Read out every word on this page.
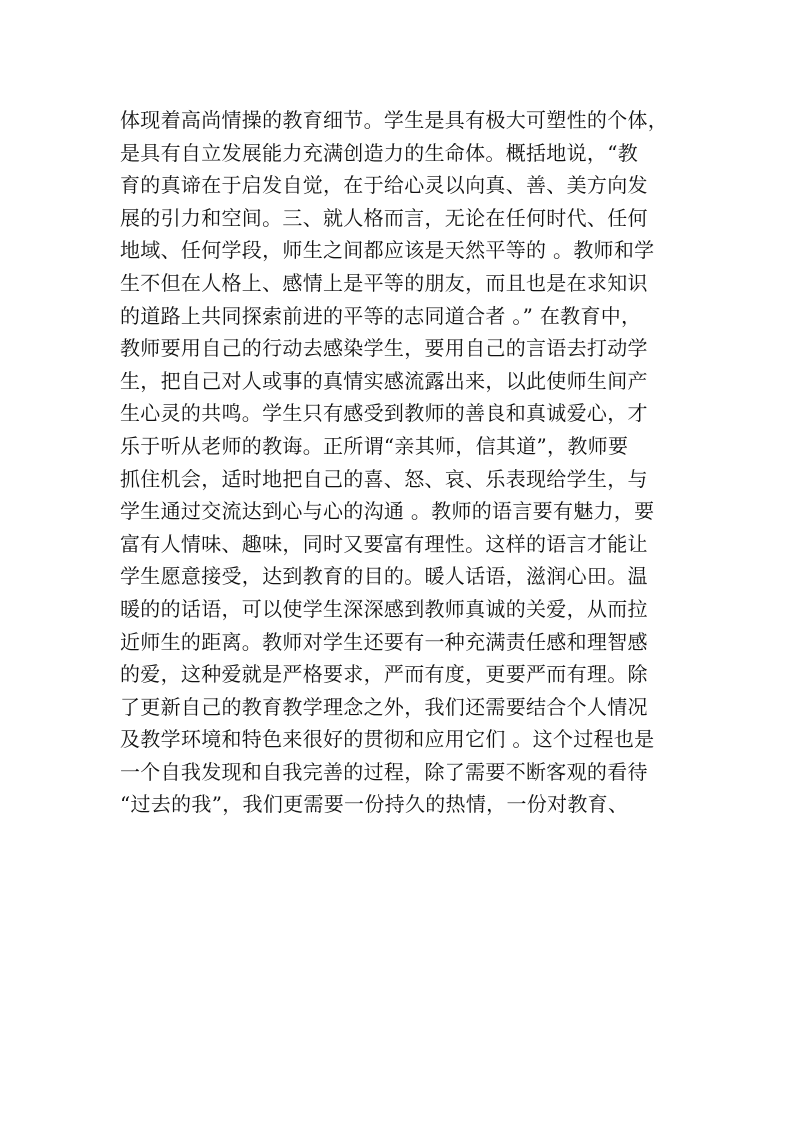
体现着高尚情操的教育细节。学生是具有极大可塑性的个体，
是具有自立发展能力充满创造力的生命体。概括地说，“教
育的真谛在于启发自觉，在于给心灵以向真、善、美方向发
展的引力和空间。三、就人格而言，无论在任何时代、任何
地域、任何学段，师生之间都应该是天然平等的 。教师和学
生不但在人格上、感情上是平等的朋友，而且也是在求知识
的道路上共同探索前进的平等的志同道合者 。” 在教育中，
教师要用自己的行动去感染学生，要用自己的言语去打动学
生，把自己对人或事的真情实感流露出来，以此使师生间产
生心灵的共鸣。学生只有感受到教师的善良和真诚爱心，才
乐于听从老师的教诲。正所谓“亲其师，信其道”，教师要
抓住机会，适时地把自己的喜、怒、哀、乐表现给学生，与
学生通过交流达到心与心的沟通 。教师的语言要有魅力，要
富有人情味、趣味，同时又要富有理性。这样的语言才能让
学生愿意接受，达到教育的目的。暖人话语，滋润心田。温
暖的的话语，可以使学生深深感到教师真诚的关爱，从而拉
近师生的距离。教师对学生还要有一种充满责任感和理智感
的爱，这种爱就是严格要求，严而有度，更要严而有理。除
了更新自己的教育教学理念之外，我们还需要结合个人情况
及教学环境和特色来很好的贯彻和应用它们 。这个过程也是
一个自我发现和自我完善的过程，除了需要不断客观的看待
“过去的我”，我们更需要一份持久的热情，一份对教育、
